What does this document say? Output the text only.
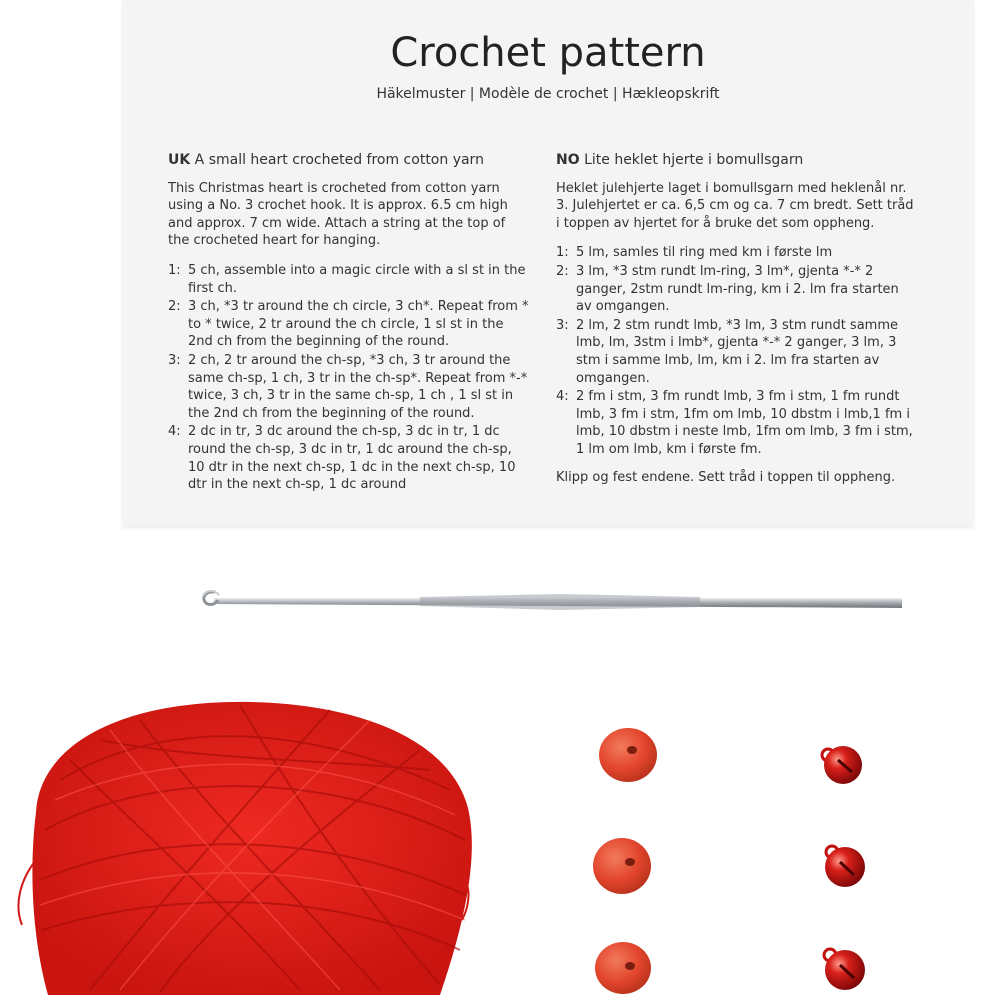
Crochet pattern
Häkelmuster | Modèle de crochet | Hækleopskrift
UK A small heart crocheted from cotton yarn
This Christmas heart is crocheted from cotton yarn using a No. 3 crochet hook. It is approx. 6.5 cm high and approx. 7 cm wide. Attach a string at the top of the crocheted heart for hanging.
1: 5 ch, assemble into a magic circle with a sl st in the first ch.
2: 3 ch, *3 tr around the ch circle, 3 ch*. Repeat from * to * twice, 2 tr around the ch circle, 1 sl st in the 2nd ch from the beginning of the round.
3: 2 ch, 2 tr around the ch-sp, *3 ch, 3 tr around the same ch-sp, 1 ch, 3 tr in the ch-sp*. Repeat from *-* twice, 3 ch, 3 tr in the same ch-sp, 1 ch , 1 sl st in the 2nd ch from the beginning of the round.
4: 2 dc in tr, 3 dc around the ch-sp, 3 dc in tr, 1 dc round the ch-sp, 3 dc in tr, 1 dc around the ch-sp, 10 dtr in the next ch-sp, 1 dc in the next ch-sp, 10 dtr in the next ch-sp, 1 dc around
NO Lite heklet hjerte i bomullsgarn
Heklet julehjerte laget i bomullsgarn med heklenål nr. 3. Julehjertet er ca. 6,5 cm og ca. 7 cm bredt. Sett tråd i toppen av hjertet for å bruke det som oppheng.
1: 5 lm, samles til ring med km i første lm
2: 3 lm, *3 stm rundt lm-ring, 3 lm*, gjenta *-* 2 ganger, 2stm rundt lm-ring, km i 2. lm fra starten av omgangen.
3: 2 lm, 2 stm rundt lmb, *3 lm, 3 stm rundt samme lmb, lm, 3stm i lmb*, gjenta *-* 2 ganger, 3 lm, 3 stm i samme lmb, lm, km i 2. lm fra starten av omgangen.
4: 2 fm i stm, 3 fm rundt lmb, 3 fm i stm, 1 fm rundt lmb, 3 fm i stm, 1fm om lmb, 10 dbstm i lmb,1 fm i lmb, 10 dbstm i neste lmb, 1fm om lmb, 3 fm i stm, 1 lm om lmb, km i første fm.
Klipp og fest endene. Sett tråd i toppen til oppheng.
